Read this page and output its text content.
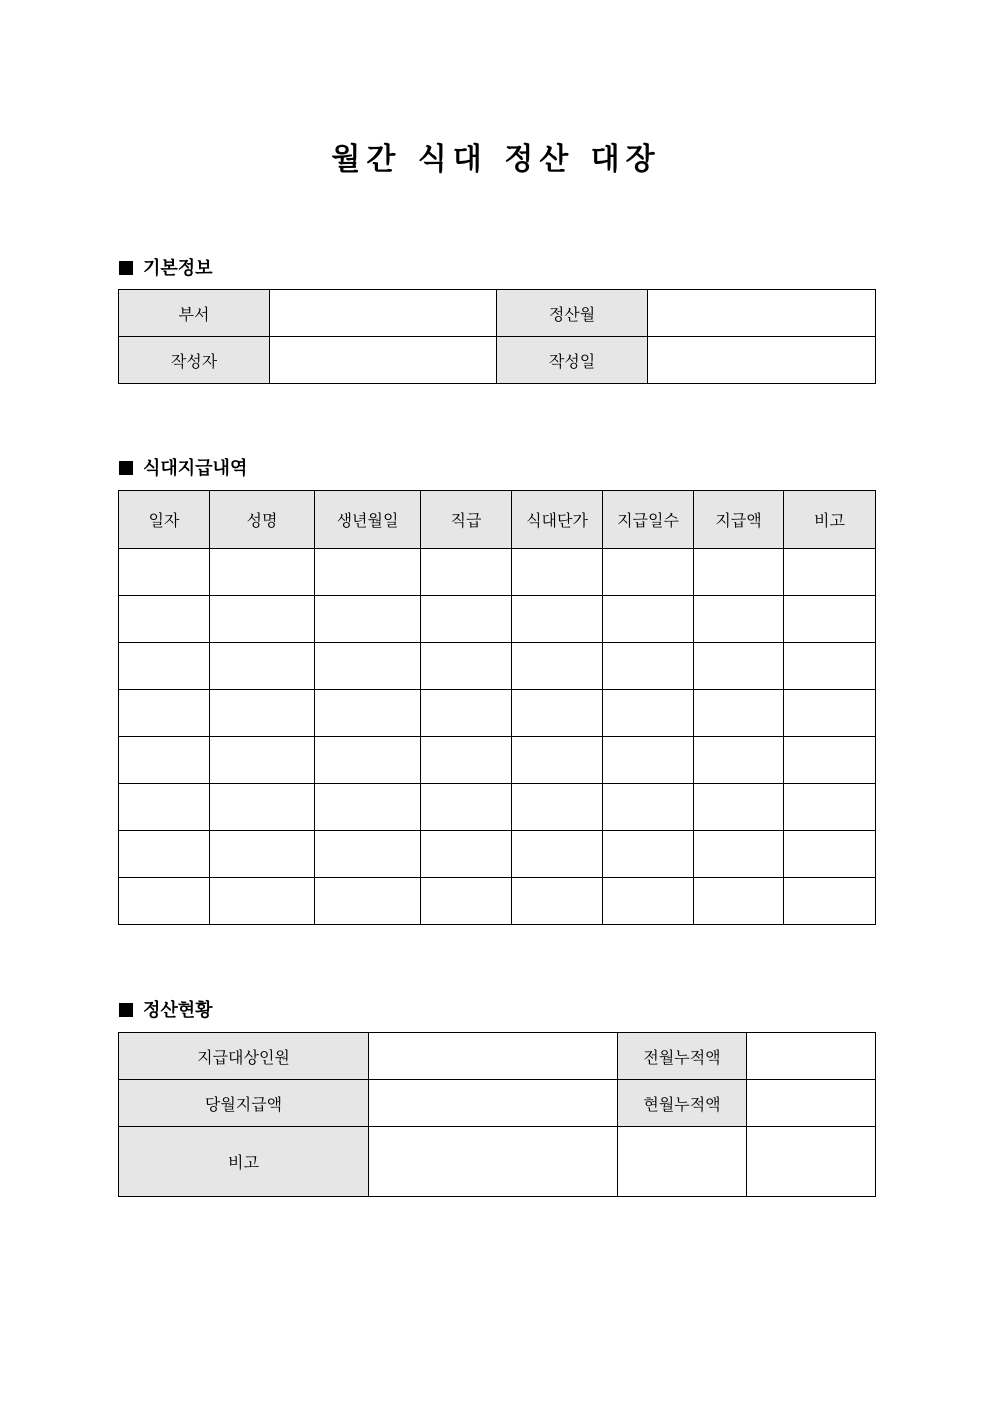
월간 식대 정산 대장
기본정보
부서		정산월	
작성자		작성일	
식대지급내역
일자	성명	생년월일	직급	식대단가	지급일수	지급액	비고

정산현황
지급대상인원		전월누적액	
당월지급액		현월누적액	
비고			
